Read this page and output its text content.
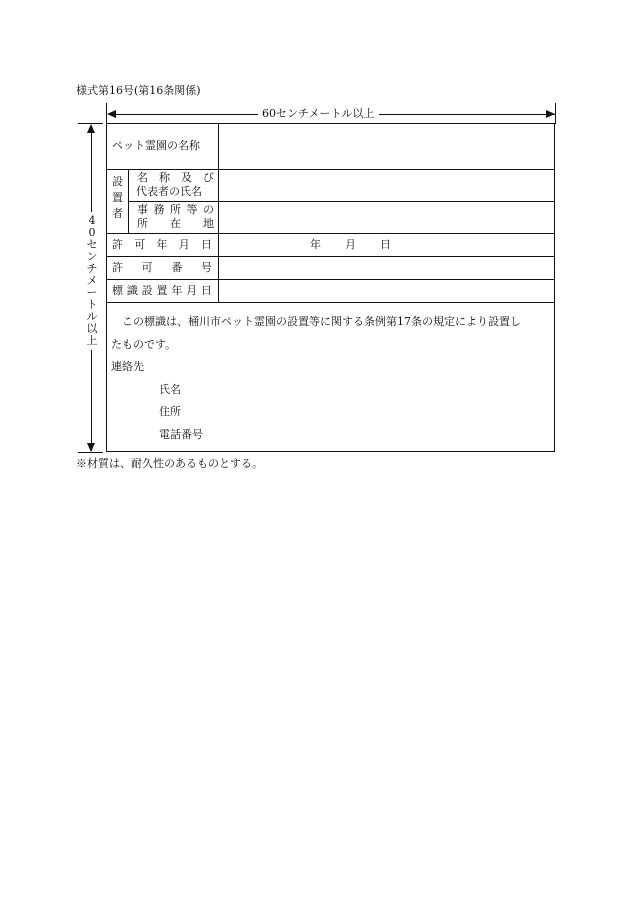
様式第16号(第16条関係)
60センチメートル以上
4
0
セ
ン
チ
メ
ー
ト
ル
以
上
ペット霊園の名称
設
置
者
名 称 及 び
代表者の氏名
事 務 所 等 の
所 在 地
許 可 年 月 日	年 月 日
許 可 番 号
標 識 設 置 年 月 日
この標識は、桶川市ペット霊園の設置等に関する条例第17条の規定により設置し
たものです。
連絡先
氏名
住所
電話番号
※材質は、耐久性のあるものとする。
